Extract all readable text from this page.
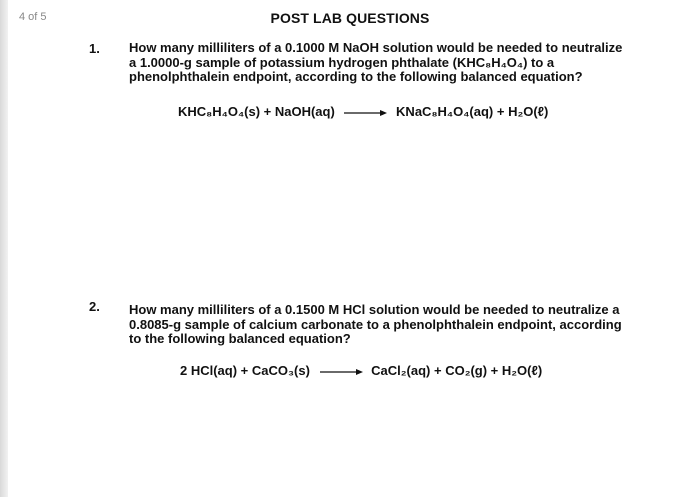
4 of 5	POST LAB QUESTIONS
1. How many milliliters of a 0.1000 M NaOH solution would be needed to neutralize
a 1.0000-g sample of potassium hydrogen phthalate (KHC₈H₄O₄) to a
phenolphthalein endpoint, according to the following balanced equation?
KHC₈H₄O₄(s) + NaOH(aq) → KNaC₈H₄O₄(aq) + H₂O(ℓ)
2. How many milliliters of a 0.1500 M HCl solution would be needed to neutralize a
0.8085-g sample of calcium carbonate to a phenolphthalein endpoint, according
to the following balanced equation?
2 HCl(aq) + CaCO₃(s) → CaCl₂(aq) + CO₂(g) + H₂O(ℓ)
